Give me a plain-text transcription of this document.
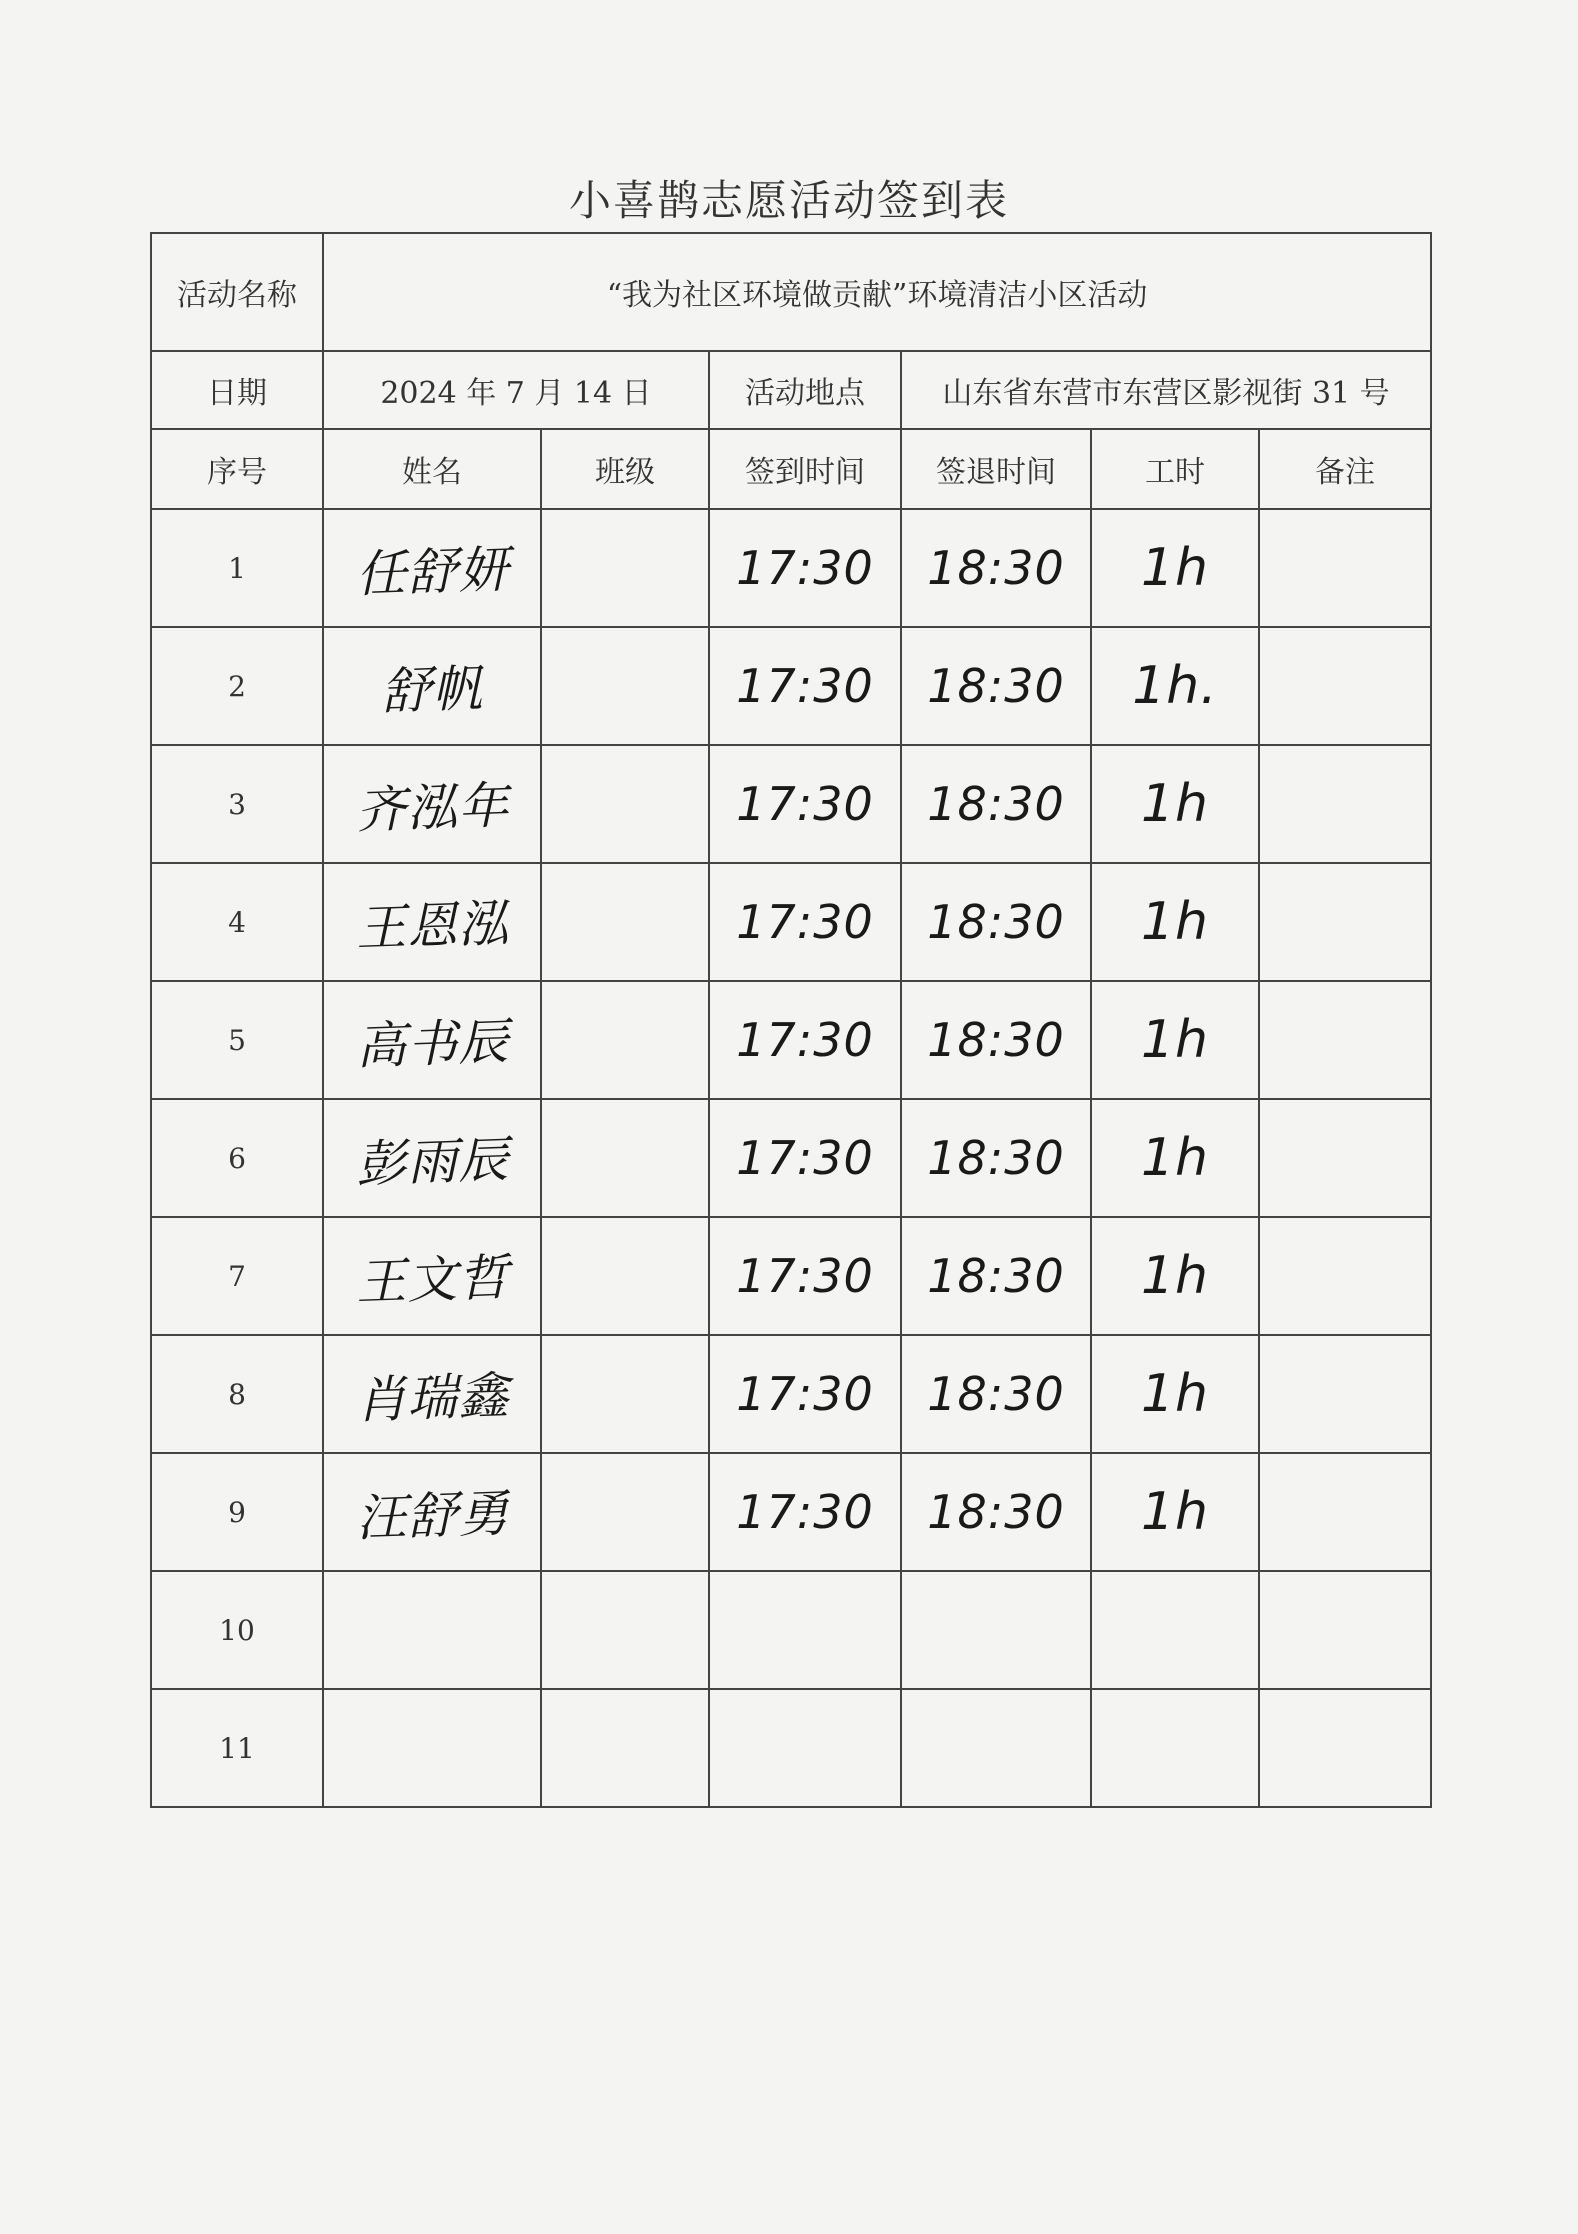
小喜鹊志愿活动签到表
活动名称	“我为社区环境做贡献”环境清洁小区活动					
日期	2024 年 7 月 14 日		活动地点	山东省东营市东营区影视街 31 号		
序号	姓名	班级	签到时间	签退时间	工时	备注
1	任舒妍		17:30	18:30	1h	
2	舒帆		17:30	18:30	1h.	
3	齐泓年		17:30	18:30	1h	
4	王恩泓		17:30	18:30	1h	
5	高书辰		17:30	18:30	1h	
6	彭雨辰		17:30	18:30	1h	
7	王文哲		17:30	18:30	1h	
8	肖瑞鑫		17:30	18:30	1h	
9	汪舒勇		17:30	18:30	1h	
10						
11						
